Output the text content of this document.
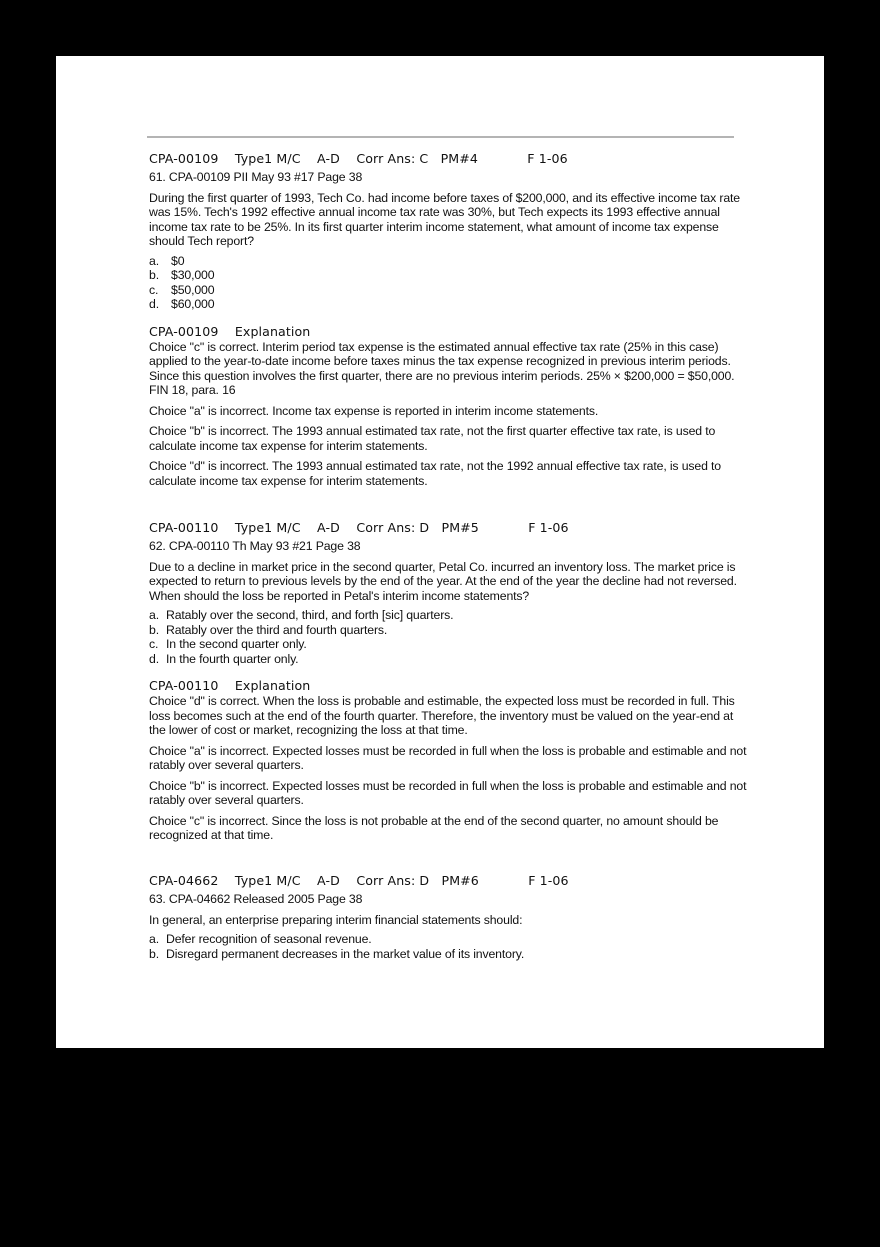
CPA-00109 Type1 M/C A-D Corr Ans: C PM#4	F 1-06
61. CPA-00109 PII May 93 #17 Page 38
During the first quarter of 1993, Tech Co. had income before taxes of $200,000, and its effective income tax rate was 15%. Tech's 1992 effective annual income tax rate was 30%, but Tech expects its 1993 effective annual income tax rate to be 25%. In its first quarter interim income statement, what amount of income tax expense should Tech report?
a. $0
b. $30,000
c.	$50,000
d. $60,000
CPA-00109    Explanation
Choice "c" is correct. Interim period tax expense is the estimated annual effective tax rate (25% in this case) applied to the year-to-date income before taxes minus the tax expense recognized in previous interim periods. Since this question involves the first quarter, there are no previous interim periods. 25% × $200,000 = $50,000. FIN 18, para. 16
Choice "a" is incorrect. Income tax expense is reported in interim income statements.
Choice "b" is incorrect. The 1993 annual estimated tax rate, not the first quarter effective tax rate, is used to calculate income tax expense for interim statements.
Choice "d" is incorrect. The 1993 annual estimated tax rate, not the 1992 annual effective tax rate, is used to calculate income tax expense for interim statements.
CPA-00110 Type1 M/C A-D Corr Ans: D PM#5	F 1-06
62. CPA-00110 Th May 93 #21 Page 38
Due to a decline in market price in the second quarter, Petal Co. incurred an inventory loss. The market price is expected to return to previous levels by the end of the year. At the end of the year the decline had not reversed. When should the loss be reported in Petal's interim income statements?
a. Ratably over the second, third, and forth [sic] quarters.
b. Ratably over the third and fourth quarters.
c. In the second quarter only.
d. In the fourth quarter only.
CPA-00110    Explanation
Choice "d" is correct. When the loss is probable and estimable, the expected loss must be recorded in full. This loss becomes such at the end of the fourth quarter. Therefore, the inventory must be valued on the year-end at the lower of cost or market, recognizing the loss at that time.
Choice "a" is incorrect. Expected losses must be recorded in full when the loss is probable and estimable and not ratably over several quarters.
Choice "b" is incorrect. Expected losses must be recorded in full when the loss is probable and estimable and not ratably over several quarters.
Choice "c" is incorrect. Since the loss is not probable at the end of the second quarter, no amount should be recognized at that time.
CPA-04662 Type1 M/C A-D Corr Ans: D PM#6	F 1-06
63. CPA-04662 Released 2005 Page 38
In general, an enterprise preparing interim financial statements should:
a. Defer recognition of seasonal revenue.
b. Disregard permanent decreases in the market value of its inventory.
